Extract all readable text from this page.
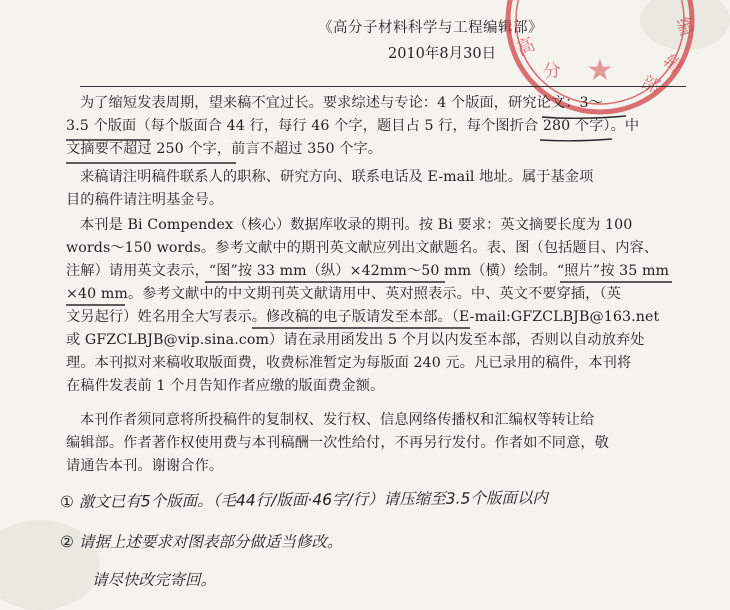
《高分子材料科学与工程编辑部》
2010年8月30日 高
分
编
辑
部
★
为了缩短发表周期，望来稿不宜过长。要求综述与专论：4 个版面，研究论文：3～
3.5 个版面（每个版面合 44 行，每行 46 个字，题目占 5 行，每个图折合 280 个字）。中
文摘要不超过 250 个字，前言不超过 350 个字。
来稿请注明稿件联系人的职称、研究方向、联系电话及 E-mail 地址。属于基金项
目的稿件请注明基金号。
本刊是 Bi Compendex（核心）数据库收录的期刊。按 Bi 要求：英文摘要长度为 100
words～150 words。参考文献中的期刊英文献应列出文献题名。表、图（包括题目、内容、
注解）请用英文表示，“图”按 33 mm（纵）×42mm～50 mm（横）绘制。“照片”按 35 mm
×40 mm。参考文献中的中文期刊英文献请用中、英对照表示。中、英文不要穿插，（英
文另起行）姓名用全大写表示。修改稿的电子版请发至本部。（E-mail:GFZCLBJB@163.net
或 GFZCLBJB@vip.sina.com）请在录用函发出 5 个月以内发至本部，否则以自动放弃处
理。本刊拟对来稿收取版面费，收费标准暂定为每版面 240 元。凡已录用的稿件，本刊将
在稿件发表前 1 个月告知作者应缴的版面费金额。
本刊作者须同意将所投稿件的复制权、发行权、信息网络传播权和汇编权等转让给
编辑部。作者著作权使用费与本刊稿酬一次性给付，不再另行发付。作者如不同意，敬
请通告本刊。谢谢合作。
① 激文已有5个版面。（毛44行/版面·46字/行）请压缩至3.5个版面以内
② 请据上述要求对图表部分做适当修改。
请尽快改完寄回。
